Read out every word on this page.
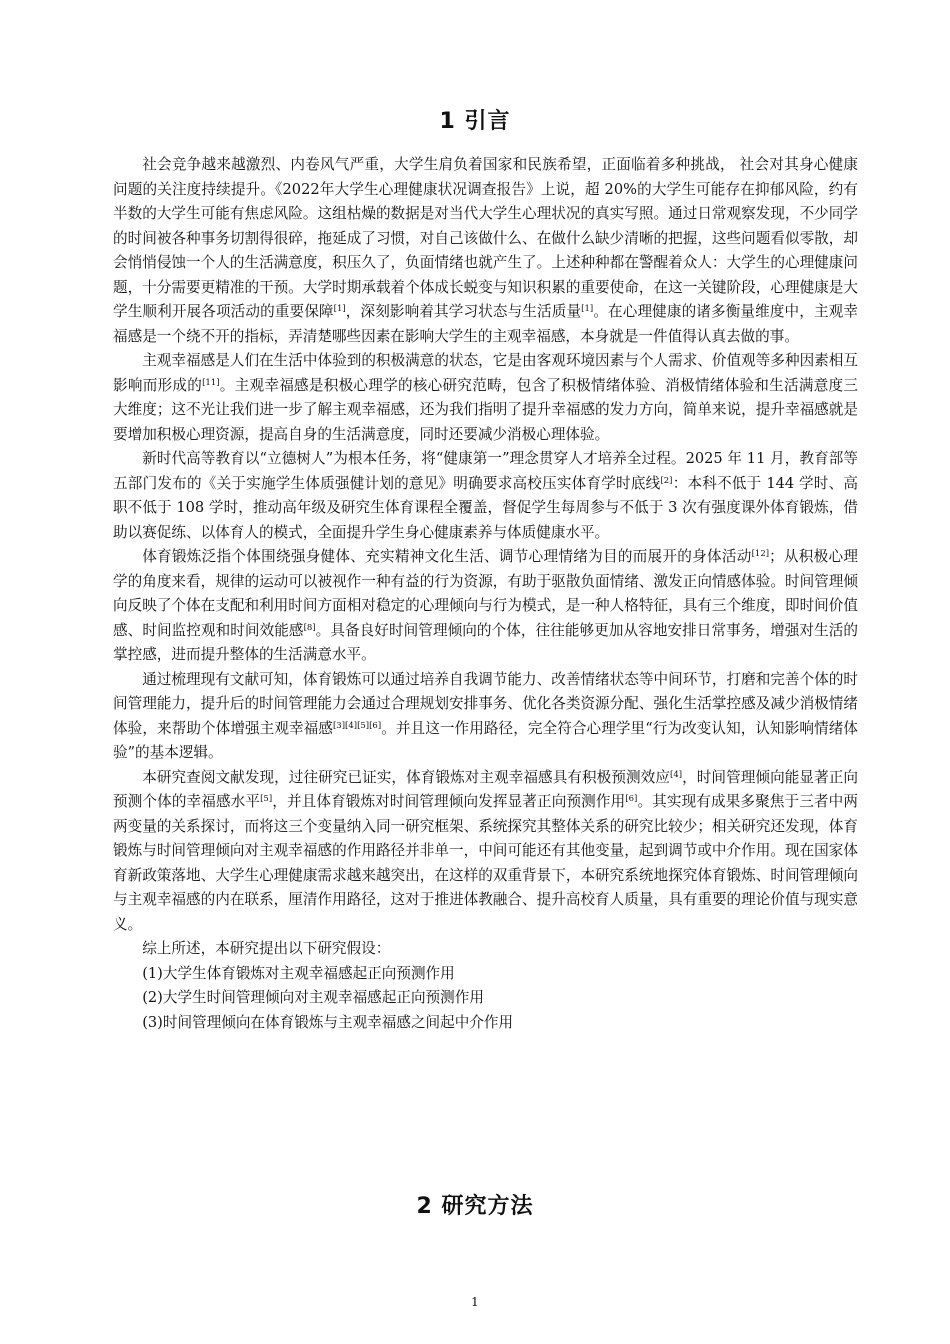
1 引言

社会竞争越来越激烈、内卷风气严重，大学生肩负着国家和民族希望，正面临着多种挑战， 社会对其身心健康问题的关注度持续提升。《2022年大学生心理健康状况调查报告》上说，超 20%的大学生可能存在抑郁风险，约有半数的大学生可能有焦虑风险。这组枯燥的数据是对当代大学生心理状况的真实写照。通过日常观察发现，不少同学的时间被各种事务切割得很碎，拖延成了习惯，对自己该做什么、在做什么缺少清晰的把握，这些问题看似零散，却会悄悄侵蚀一个人的生活满意度，积压久了，负面情绪也就产生了。上述种种都在警醒着众人：大学生的心理健康问题，十分需要更精准的干预。大学时期承载着个体成长蜕变与知识积累的重要使命，在这一关键阶段，心理健康是大学生顺利开展各项活动的重要保障[1]，深刻影响着其学习状态与生活质量[1]。在心理健康的诸多衡量维度中，主观幸福感是一个绕不开的指标，弄清楚哪些因素在影响大学生的主观幸福感，本身就是一件值得认真去做的事。

主观幸福感是人们在生活中体验到的积极满意的状态，它是由客观环境因素与个人需求、价值观等多种因素相互影响而形成的[11]。主观幸福感是积极心理学的核心研究范畴，包含了积极情绪体验、消极情绪体验和生活满意度三大维度；这不光让我们进一步了解主观幸福感，还为我们指明了提升幸福感的发力方向，简单来说，提升幸福感就是要增加积极心理资源，提高自身的生活满意度，同时还要减少消极心理体验。

新时代高等教育以“立德树人”为根本任务，将“健康第一”理念贯穿人才培养全过程。2025 年 11 月，教育部等五部门发布的《关于实施学生体质强健计划的意见》明确要求高校压实体育学时底线[2]：本科不低于 144 学时、高职不低于 108 学时，推动高年级及研究生体育课程全覆盖，督促学生每周参与不低于 3 次有强度课外体育锻炼，借助以赛促练、以体育人的模式，全面提升学生身心健康素养与体质健康水平。

体育锻炼泛指个体围绕强身健体、充实精神文化生活、调节心理情绪为目的而展开的身体活动[12]；从积极心理学的角度来看，规律的运动可以被视作一种有益的行为资源，有助于驱散负面情绪、激发正向情感体验。时间管理倾向反映了个体在支配和利用时间方面相对稳定的心理倾向与行为模式，是一种人格特征，具有三个维度，即时间价值感、时间监控观和时间效能感[8]。具备良好时间管理倾向的个体，往往能够更加从容地安排日常事务，增强对生活的掌控感，进而提升整体的生活满意水平。

通过梳理现有文献可知，体育锻炼可以通过培养自我调节能力、改善情绪状态等中间环节，打磨和完善个体的时间管理能力，提升后的时间管理能力会通过合理规划安排事务、优化各类资源分配、强化生活掌控感及减少消极情绪体验，来帮助个体增强主观幸福感[3][4][5][6]。并且这一作用路径，完全符合心理学里“行为改变认知，认知影响情绪体验”的基本逻辑。

本研究查阅文献发现，过往研究已证实，体育锻炼对主观幸福感具有积极预测效应[4]，时间管理倾向能显著正向预测个体的幸福感水平[5]，并且体育锻炼对时间管理倾向发挥显著正向预测作用[6]。其实现有成果多聚焦于三者中两两变量的关系探讨，而将这三个变量纳入同一研究框架、系统探究其整体关系的研究比较少；相关研究还发现，体育锻炼与时间管理倾向对主观幸福感的作用路径并非单一，中间可能还有其他变量，起到调节或中介作用。现在国家体育新政策落地、大学生心理健康需求越来越突出，在这样的双重背景下，本研究系统地探究体育锻炼、时间管理倾向与主观幸福感的内在联系，厘清作用路径，这对于推进体教融合、提升高校育人质量，具有重要的理论价值与现实意义。

综上所述，本研究提出以下研究假设：

(1)大学生体育锻炼对主观幸福感起正向预测作用

(2)大学生时间管理倾向对主观幸福感起正向预测作用

(3)时间管理倾向在体育锻炼与主观幸福感之间起中介作用

2 研究方法
1
